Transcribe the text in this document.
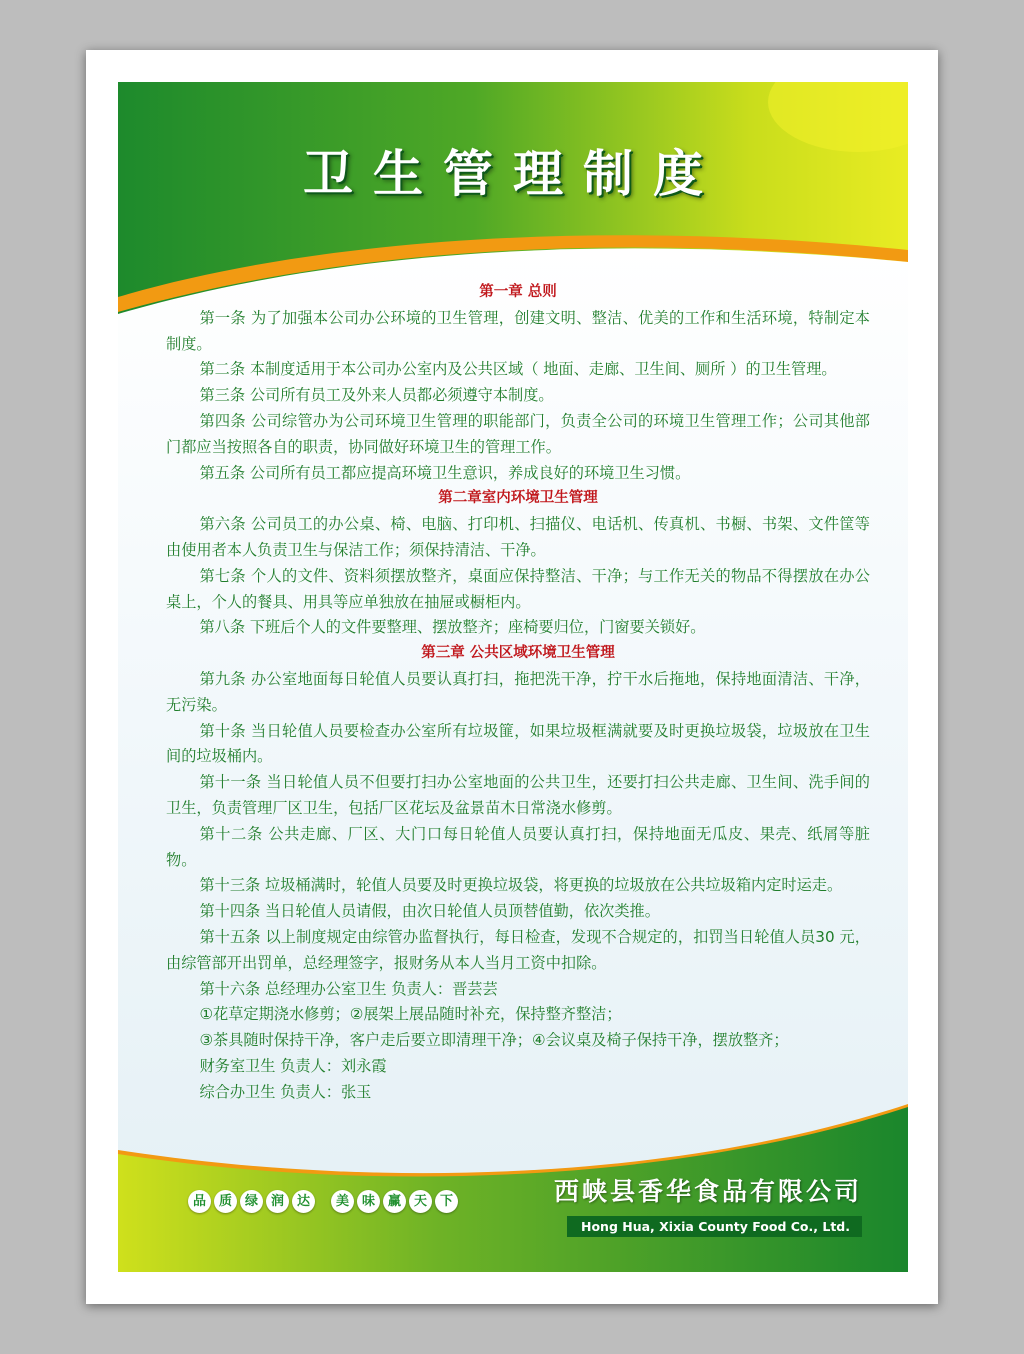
卫生管理制度
第一章 总则

第一条 为了加强本公司办公环境的卫生管理，创建文明、整洁、优美的工作和生活环境，特制定本制度。

第二条 本制度适用于本公司办公室内及公共区域（ 地面、走廊、卫生间、厕所 ）的卫生管理。

第三条 公司所有员工及外来人员都必须遵守本制度。

第四条 公司综管办为公司环境卫生管理的职能部门，负责全公司的环境卫生管理工作；公司其他部门都应当按照各自的职责，协同做好环境卫生的管理工作。

第五条 公司所有员工都应提高环境卫生意识，养成良好的环境卫生习惯。

第二章室内环境卫生管理

第六条 公司员工的办公桌、椅、电脑、打印机、扫描仪、电话机、传真机、书橱、书架、文件筐等由使用者本人负责卫生与保洁工作；须保持清洁、干净。

第七条 个人的文件、资料须摆放整齐，桌面应保持整洁、干净；与工作无关的物品不得摆放在办公桌上，个人的餐具、用具等应单独放在抽屉或橱柜内。

第八条 下班后个人的文件要整理、摆放整齐；座椅要归位，门窗要关锁好。

第三章 公共区域环境卫生管理

第九条 办公室地面每日轮值人员要认真打扫，拖把洗干净，拧干水后拖地，保持地面清洁、干净，无污染。

第十条 当日轮值人员要检查办公室所有垃圾篚，如果垃圾框满就要及时更换垃圾袋，垃圾放在卫生间的垃圾桶内。

第十一条 当日轮值人员不但要打扫办公室地面的公共卫生，还要打扫公共走廊、卫生间、洗手间的卫生，负责管理厂区卫生，包括厂区花坛及盆景苗木日常浇水修剪。

第十二条 公共走廊、厂区、大门口每日轮值人员要认真打扫，保持地面无瓜皮、果壳、纸屑等脏物。

第十三条 垃圾桶满时，轮值人员要及时更换垃圾袋，将更换的垃圾放在公共垃圾箱内定时运走。

第十四条 当日轮值人员请假，由次日轮值人员顶替值勤，依次类推。

第十五条 以上制度规定由综管办监督执行，每日检查，发现不合规定的，扣罚当日轮值人员30 元，由综管部开出罚单，总经理签字，报财务从本人当月工资中扣除。

第十六条 总经理办公室卫生 负责人：晋芸芸

①花草定期浇水修剪；②展架上展品随时补充，保持整齐整洁；

③茶具随时保持干净，客户走后要立即清理干净；④会议桌及椅子保持干净，摆放整齐；

财务室卫生 负责人：刘永霞

综合办卫生 负责人：张玉

品 质 绿 润 达	美 味 赢 天 下	西峡县香华食品有限公司
Hong Hua, Xixia County Food Co., Ltd.
